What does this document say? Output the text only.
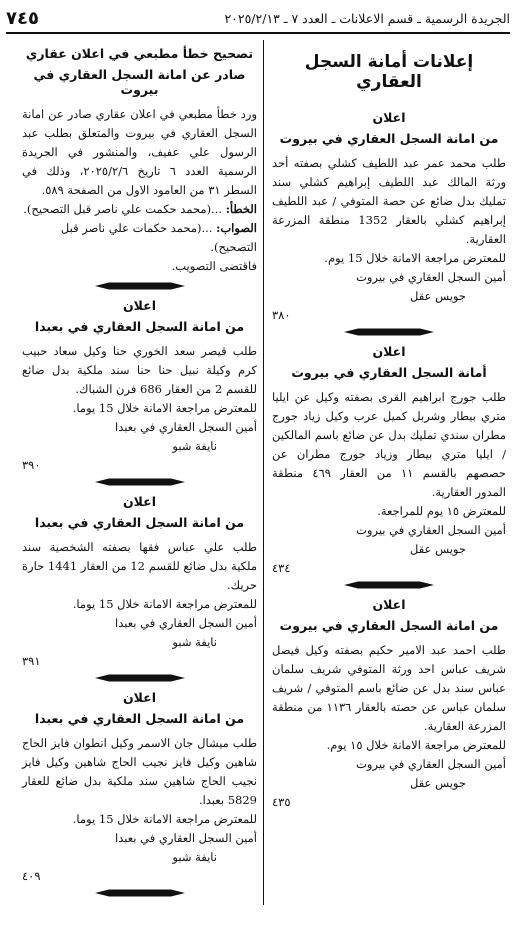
الجريدة الرسمية ـ قسم الاعلانات ـ العدد ٧ ـ ٢٠٢٥/٢/١٣
٧٤٥
إعلانات أمانة السجل العقاري
اعلان
من امانة السجل العقاري في بيروت

طلب محمد عمر عبد اللطيف كشلي بصفته أحد ورثة المالك عبد اللطيف إبراهيم كشلي سند تمليك بدل ضائع عن حصة المتوفي / عبد اللطيف إبراهيم كشلي بالعقار 1352 منطقة المزرعة العقارية.

للمعترض مراجعة الامانة خلال 15 يوم.

أمين السجل العقاري في بيروت

جويس عقل

٣٨٠
اعلان
أمانة السجل العقاري في بيروت

طلب جورج ابراهيم القرى بصفته وكيل عن ايليا متري بيطار وشربل كميل عرب وكيل زياد جورج مطران سندي تمليك بدل عن ضائع باسم المالكين / ايليا متري بيطار وزياد جورج مطران عن حصصهم بالقسم ١١ من العقار ٤٦٩ منطقة المدور العقارية.

للمعترض ١٥ يوم للمراجعة.

أمين السجل العقاري في بيروت

جويس عقل

٤٣٤
اعلان
من امانة السجل العقاري في بيروت

طلب احمد عبد الامير حكيم بصفته وكيل فيصل شريف عباس احد ورثة المتوفي شريف سلمان عباس سند بدل عن ضائع باسم المتوفي / شريف سلمان عباس عن حصته بالعقار ١١٣٦ من منطقة المزرعة العقارية.

للمعترض مراجعة الامانة خلال ١٥ يوم.

أمين السجل العقاري في بيروت

جويس عقل

٤٣٥
تصحيح خطأ مطبعي في اعلان عقاري
صادر عن امانة السجل العقاري في بيروت

ورد خطأ مطبعي في اعلان عقاري صادر عن امانة السجل العقاري في بيروت والمتعلق بطلب عبد الرسول علي عفيف، والمنشور في الجريدة الرسمية العدد ٦ تاريخ ٢٠٢٥/٢/٦، وذلك في السطر ٣١ من العامود الاول من الصفحة ٥٨٩.

الخطأ: ...(محمد حكمت علي ناصر قبل التصحيح).

الصواب: ...(محمد حكمات علي ناصر قبل التصحيح).

فاقتضى التصويب.

اعلان
من امانة السجل العقاري في بعبدا

طلب قيصر سعد الخوري حنا وكيل سعاد حبيب كرم وكيلة نبيل حنا حنا سند ملكية بدل ضائع للقسم 2 من العقار 686 فرن الشباك.

للمعترض مراجعة الامانة خلال 15 يوما.

أمين السجل العقاري في بعبدا

نايفة شبو

٣٩٠
اعلان
من امانة السجل العقاري في بعبدا

طلب علي عباس فقها بصفته الشخصية سند ملكية بدل ضائع للقسم 12 من العقار 1441 حارة حريك.

للمعترض مراجعة الامانة خلال 15 يوما.

أمين السجل العقاري في بعبدا

نايفة شبو

٣٩١
اعلان
من امانة السجل العقاري في بعبدا

طلب ميشال جان الاسمر وكيل انطوان فايز الحاج شاهين وكيل فايز نجيب الحاج شاهين وكيل فايز نجيب الحاج شاهين سند ملكية بدل ضائع للعقار 5829 بعبدا.

للمعترض مراجعة الامانة خلال 15 يوما.

أمين السجل العقاري في بعبدا

نايفة شبو

٤٠٩
